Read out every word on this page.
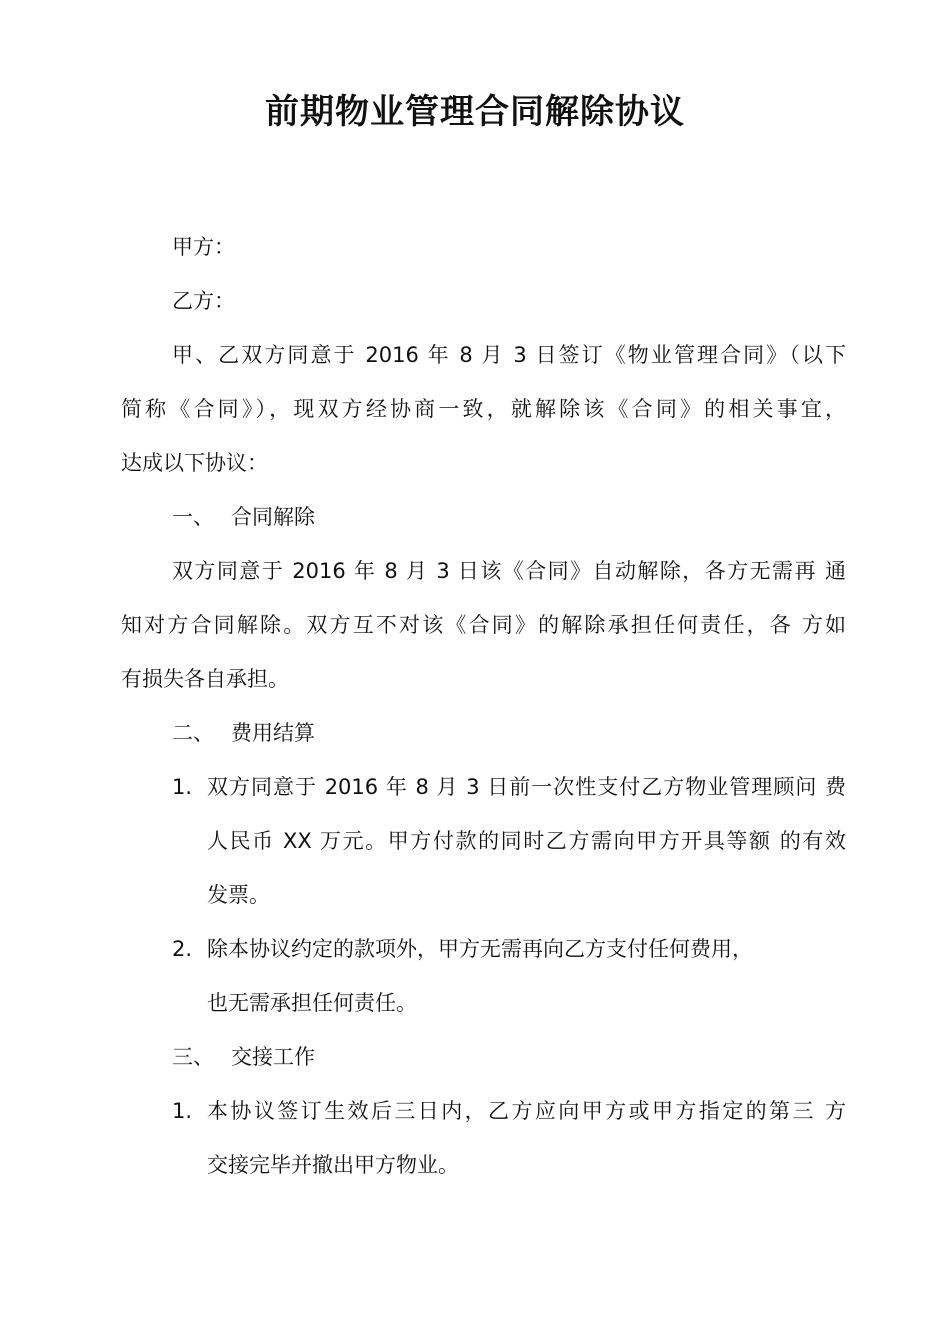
前期物业管理合同解除协议
甲方：
乙方：
甲、乙双方同意于 2016 年 8 月 3 日签订《物业管理合同》（以下
简称《合同》），现双方经协商一致，就解除该《合同》的相关事宜，
达成以下协议：
一、 合同解除
双方同意于 2016 年 8 月 3 日该《合同》自动解除，各方无需再 通
知对方合同解除。双方互不对该《合同》的解除承担任何责任，各 方如
有损失各自承担。
二、 费用结算
1. 双方同意于 2016 年 8 月 3 日前一次性支付乙方物业管理顾问 费
人民币 XX 万元。甲方付款的同时乙方需向甲方开具等额 的有效
发票。
2. 除本协议约定的款项外，甲方无需再向乙方支付任何费用，
也无需承担任何责任。
三、 交接工作
1. 本协议签订生效后三日内，乙方应向甲方或甲方指定的第三 方
交接完毕并撤出甲方物业。
